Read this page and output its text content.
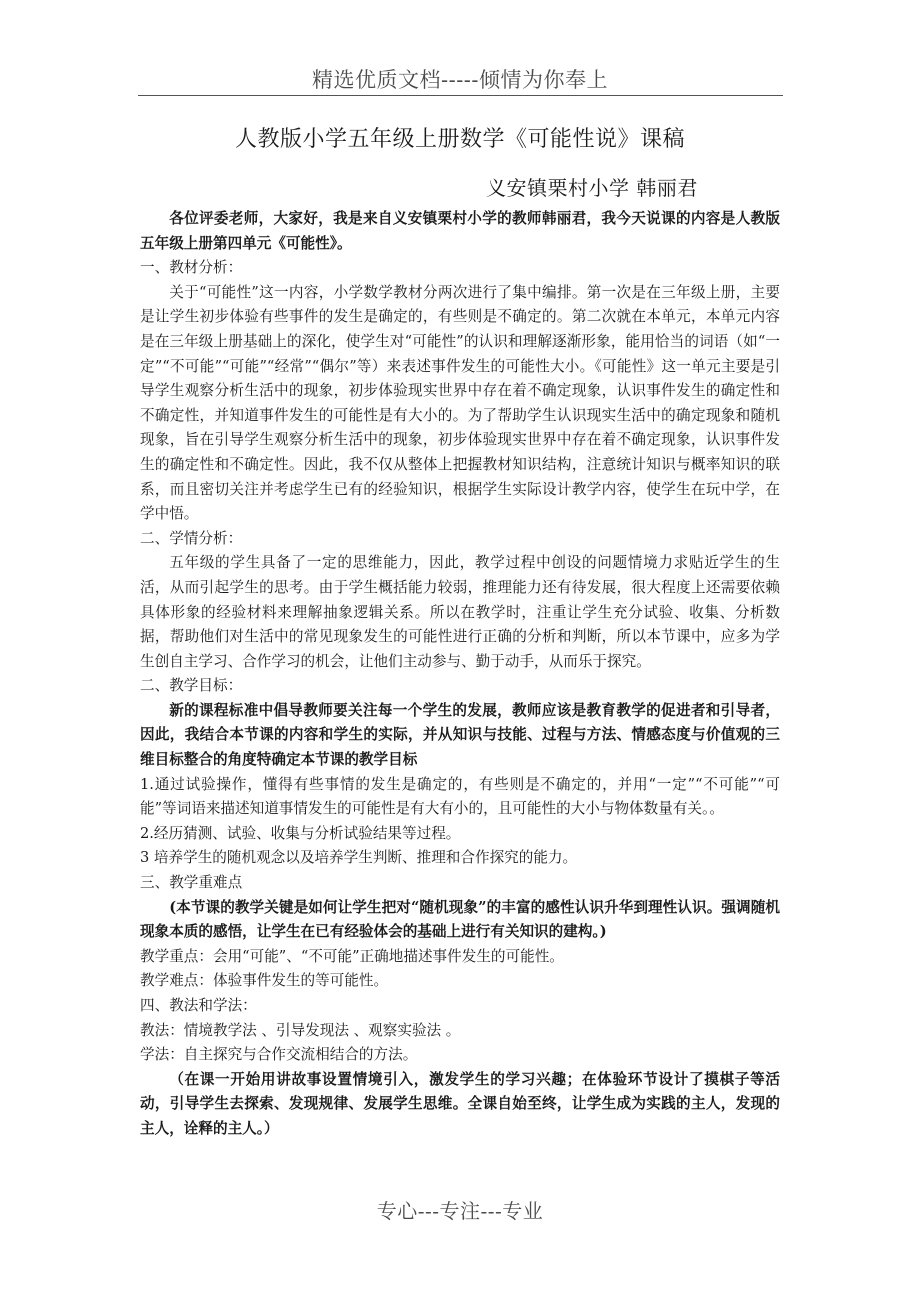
精选优质文档-----倾情为你奉上
人教版小学五年级上册数学《可能性说》课稿
义安镇栗村小学 韩丽君

各位评委老师，大家好，我是来自义安镇栗村小学的教师韩丽君，我今天说课的内容是人教版五年级上册第四单元《可能性》。

一、教材分析：

关于“可能性”这一内容，小学数学教材分两次进行了集中编排。第一次是在三年级上册，主要是让学生初步体验有些事件的发生是确定的，有些则是不确定的。第二次就在本单元，本单元内容是在三年级上册基础上的深化，使学生对“可能性”的认识和理解逐渐形象，能用恰当的词语（如“一定”“不可能”“可能”“经常”“偶尔”等）来表述事件发生的可能性大小。《可能性》这一单元主要是引导学生观察分析生活中的现象，初步体验现实世界中存在着不确定现象，认识事件发生的确定性和不确定性，并知道事件发生的可能性是有大小的。为了帮助学生认识现实生活中的确定现象和随机现象，旨在引导学生观察分析生活中的现象，初步体验现实世界中存在着不确定现象，认识事件发生的确定性和不确定性。因此，我不仅从整体上把握教材知识结构，注意统计知识与概率知识的联系，而且密切关注并考虑学生已有的经验知识，根据学生实际设计教学内容，使学生在玩中学，在学中悟。

二、学情分析：

五年级的学生具备了一定的思维能力，因此，教学过程中创设的问题情境力求贴近学生的生活，从而引起学生的思考。由于学生概括能力较弱，推理能力还有待发展，很大程度上还需要依赖具体形象的经验材料来理解抽象逻辑关系。所以在教学时，注重让学生充分试验、收集、分析数据，帮助他们对生活中的常见现象发生的可能性进行正确的分析和判断，所以本节课中，应多为学生创自主学习、合作学习的机会，让他们主动参与、勤于动手，从而乐于探究。

二、教学目标：

新的课程标准中倡导教师要关注每一个学生的发展，教师应该是教育教学的促进者和引导者，因此，我结合本节课的内容和学生的实际，并从知识与技能、过程与方法、情感态度与价值观的三维目标整合的角度特确定本节课的教学目标

1.通过试验操作，懂得有些事情的发生是确定的，有些则是不确定的，并用“一定”“不可能”“可能”等词语来描述知道事情发生的可能性是有大有小的，且可能性的大小与物体数量有关。。

2.经历猜测、试验、收集与分析试验结果等过程。

3 培养学生的随机观念以及培养学生判断、推理和合作探究的能力。

三、教学重难点

(本节课的教学关键是如何让学生把对“随机现象”的丰富的感性认识升华到理性认识。强调随机现象本质的感悟，让学生在已有经验体会的基础上进行有关知识的建构。)

教学重点：会用“可能”、“不可能”正确地描述事件发生的可能性。

教学难点：体验事件发生的等可能性。

四、教法和学法：

教法：情境教学法 、引导发现法 、观察实验法 。

学法：自主探究与合作交流相结合的方法。

（在课一开始用讲故事设置情境引入，激发学生的学习兴趣；在体验环节设计了摸棋子等活动，引导学生去探索、发现规律、发展学生思维。全课自始至终，让学生成为实践的主人，发现的主人，诠释的主人。）

专心---专注---专业
